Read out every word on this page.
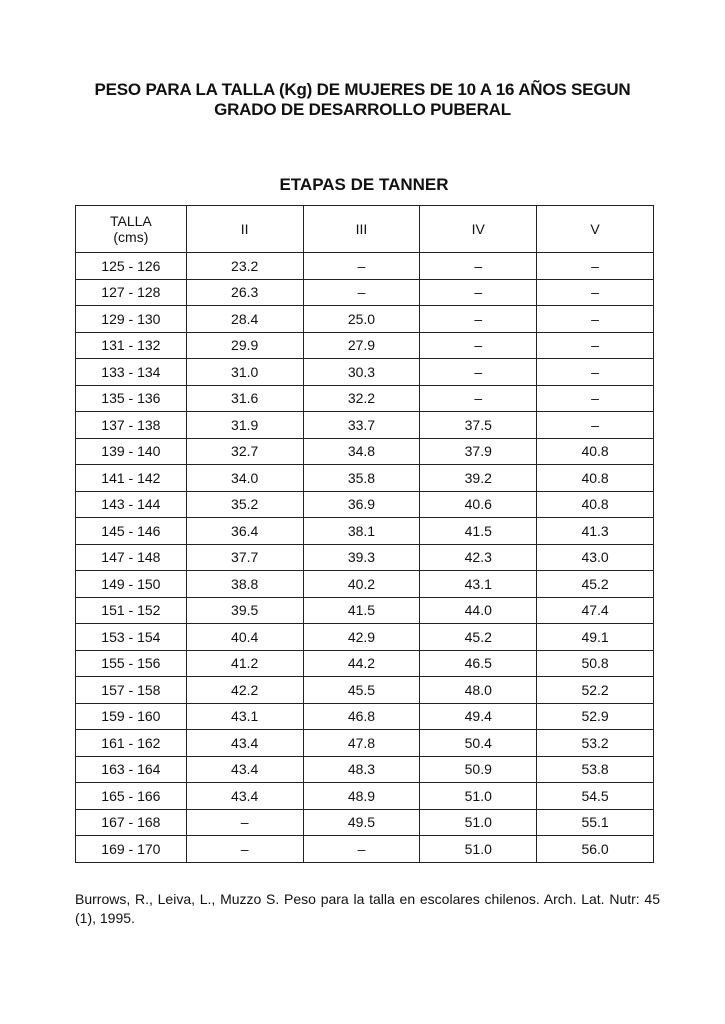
PESO PARA LA TALLA (Kg) DE MUJERES DE 10 A 16 AÑOS SEGUN
GRADO DE DESARROLLO PUBERAL
ETAPAS DE TANNER
TALLA
(cms)	II	III	IV	V
125 - 126	23.2	–	–	–
127 - 128	26.3	–	–	–
129 - 130	28.4	25.0	–	–
131 - 132	29.9	27.9	–	–
133 - 134	31.0	30.3	–	–
135 - 136	31.6	32.2	–	–
137 - 138	31.9	33.7	37.5	–
139 - 140	32.7	34.8	37.9	40.8
141 - 142	34.0	35.8	39.2	40.8
143 - 144	35.2	36.9	40.6	40.8
145 - 146	36.4	38.1	41.5	41.3
147 - 148	37.7	39.3	42.3	43.0
149 - 150	38.8	40.2	43.1	45.2
151 - 152	39.5	41.5	44.0	47.4
153 - 154	40.4	42.9	45.2	49.1
155 - 156	41.2	44.2	46.5	50.8
157 - 158	42.2	45.5	48.0	52.2
159 - 160	43.1	46.8	49.4	52.9
161 - 162	43.4	47.8	50.4	53.2
163 - 164	43.4	48.3	50.9	53.8
165 - 166	43.4	48.9	51.0	54.5
167 - 168	–	49.5	51.0	55.1
169 - 170	–	–	51.0	56.0
Burrows, R., Leiva, L., Muzzo S. Peso para la talla en escolares chilenos. Arch. Lat. Nutr: 45 (1), 1995.
